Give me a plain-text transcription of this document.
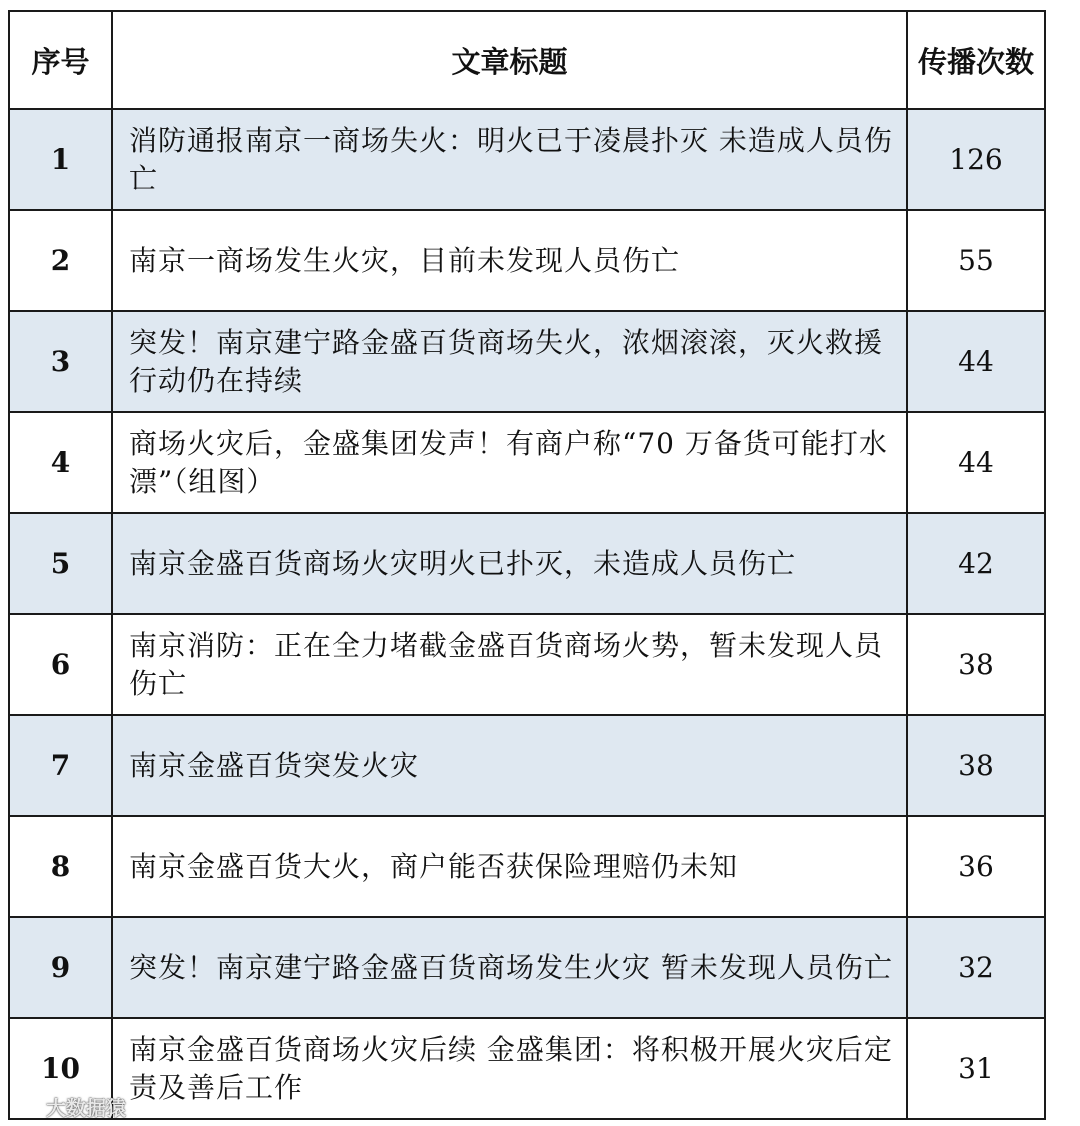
序号	文章标题	传播次数
1	消防通报南京一商场失火：明火已于凌晨扑灭 未造成人员伤亡	126
2	南京一商场发生火灾，目前未发现人员伤亡	55
3	突发！南京建宁路金盛百货商场失火，浓烟滚滚，灭火救援行动仍在持续	44
4	商场火灾后，金盛集团发声！有商户称“70 万备货可能打水漂”（组图）	44
5	南京金盛百货商场火灾明火已扑灭，未造成人员伤亡	42
6	南京消防：正在全力堵截金盛百货商场火势，暂未发现人员伤亡	38
7	南京金盛百货突发火灾	38
8	南京金盛百货大火，商户能否获保险理赔仍未知	36
9	突发！南京建宁路金盛百货商场发生火灾 暂未发现人员伤亡	32
10	南京金盛百货商场火灾后续 金盛集团：将积极开展火灾后定责及善后工作	31
大数据猿
